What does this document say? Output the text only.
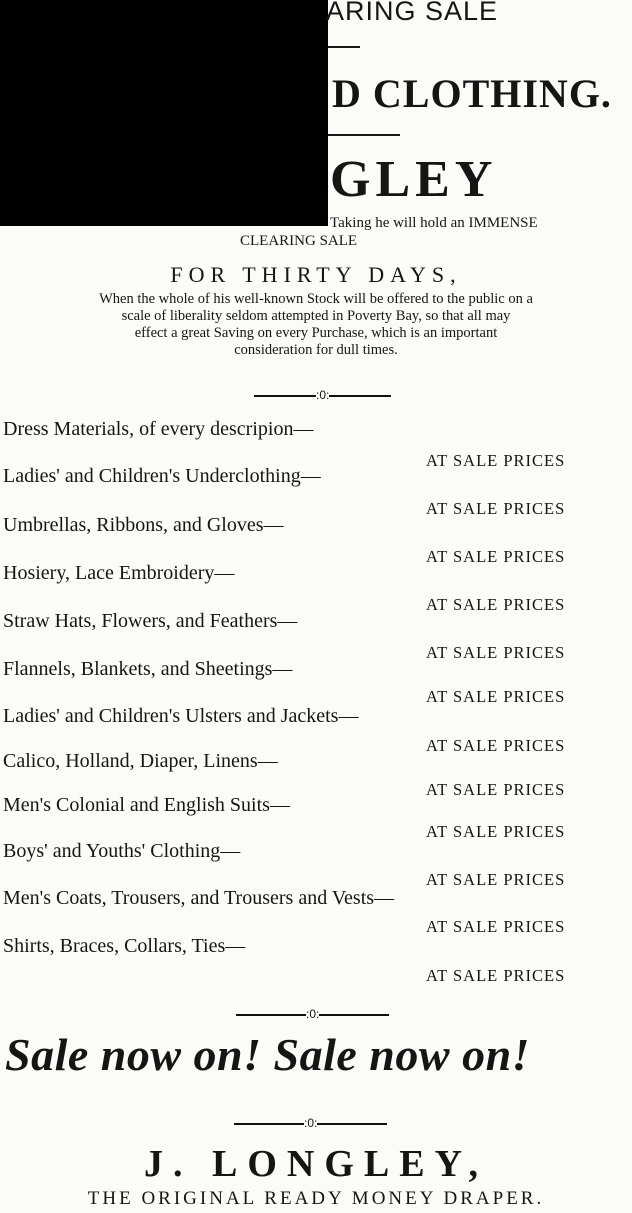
ARING SALE
D CLOTHING.
GLEY
Taking he will hold an IMMENSE
CLEARING SALE
FOR THIRTY DAYS,
When the whole of his well-known Stock will be offered to the public on a
scale of liberality seldom attempted in Poverty Bay, so that all may
effect a great Saving on every Purchase, which is an important
consideration for dull times.
:0:
Dress Materials, of every descripion—
AT SALE PRICES
Ladies' and Children's Underclothing—
AT SALE PRICES
Umbrellas, Ribbons, and Gloves—
AT SALE PRICES
Hosiery, Lace Embroidery—
AT SALE PRICES
Straw Hats, Flowers, and Feathers—
AT SALE PRICES
Flannels, Blankets, and Sheetings—
AT SALE PRICES
Ladies' and Children's Ulsters and Jackets—
AT SALE PRICES
Calico, Holland, Diaper, Linens—
AT SALE PRICES
Men's Colonial and English Suits—
AT SALE PRICES
Boys' and Youths' Clothing—
AT SALE PRICES
Men's Coats, Trousers, and Trousers and Vests—
AT SALE PRICES
Shirts, Braces, Collars, Ties—
AT SALE PRICES
:0:
Sale now on! Sale now on!
:0:
J. LONGLEY,
THE ORIGINAL READY MONEY DRAPER.
